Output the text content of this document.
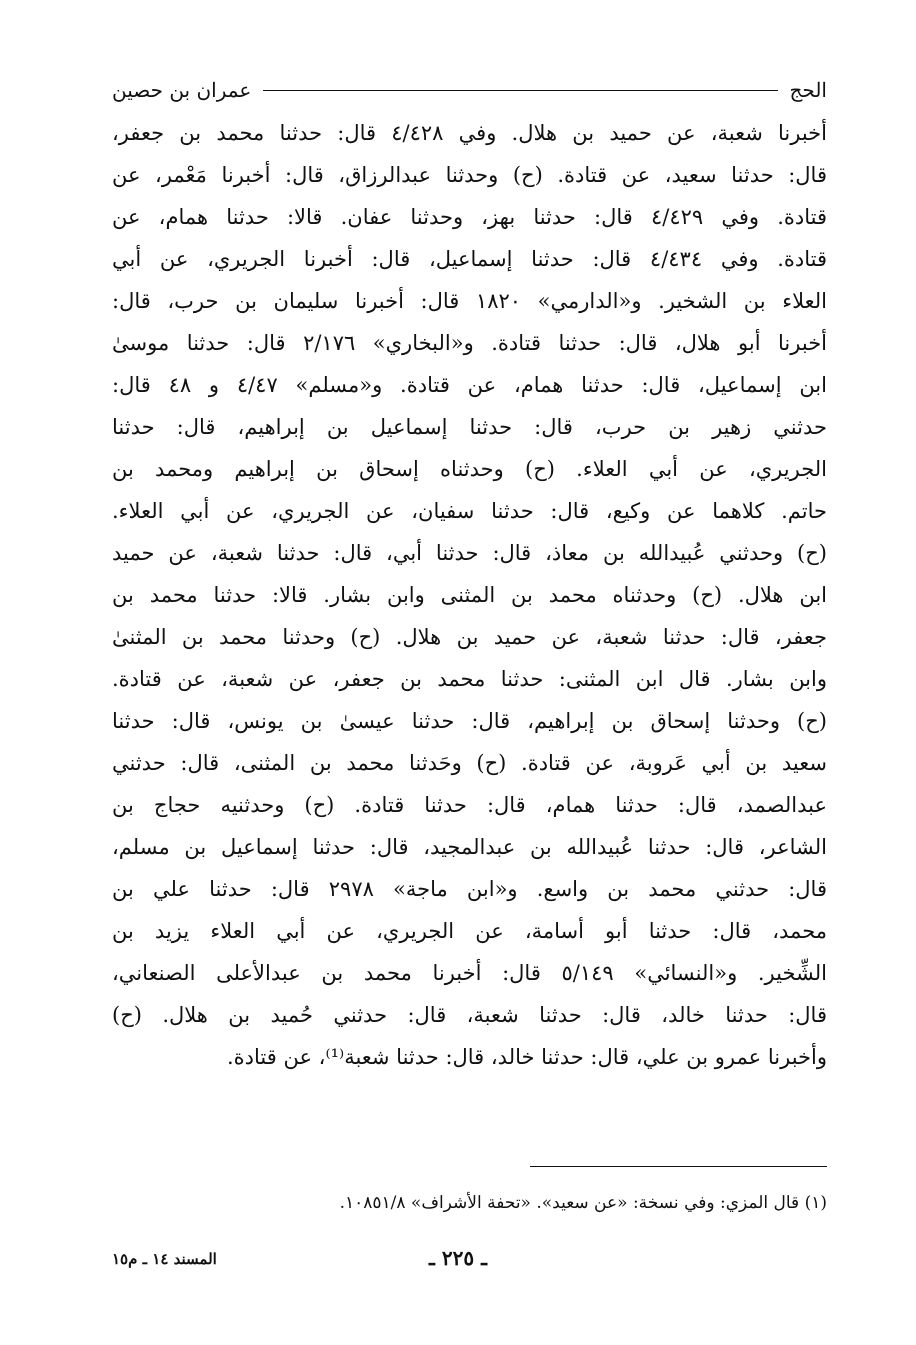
الحج
عمران بن حصين
أخبرنا شعبة، عن حميد بن هلال. وفي ٤/٤٢٨ قال: حدثنا محمد بن جعفر،
قال: حدثنا سعيد، عن قتادة. (ح) وحدثنا عبدالرزاق، قال: أخبرنا مَعْمر، عن
قتادة. وفي ٤/٤٢٩ قال: حدثنا بهز، وحدثنا عفان. قالا: حدثنا همام، عن
قتادة. وفي ٤/٤٣٤ قال: حدثنا إسماعيل، قال: أخبرنا الجريري، عن أبي
العلاء بن الشخير. و«الدارمي» ١٨٢٠ قال: أخبرنا سليمان بن حرب، قال:
أخبرنا أبو هلال، قال: حدثنا قتادة. و«البخاري» ٢/١٧٦ قال: حدثنا موسىٰ
ابن إسماعيل، قال: حدثنا همام، عن قتادة. و«مسلم» ٤/٤٧ و ٤٨ قال:
حدثني زهير بن حرب، قال: حدثنا إسماعيل بن إبراهيم، قال: حدثنا
الجريري، عن أبي العلاء. (ح) وحدثناه إسحاق بن إبراهيم ومحمد بن
حاتم. كلاهما عن وكيع، قال: حدثنا سفيان، عن الجريري، عن أبي العلاء.
(ح) وحدثني عُبيدالله بن معاذ، قال: حدثنا أبي، قال: حدثنا شعبة، عن حميد
ابن هلال. (ح) وحدثناه محمد بن المثنى وابن بشار. قالا: حدثنا محمد بن
جعفر، قال: حدثنا شعبة، عن حميد بن هلال. (ح) وحدثنا محمد بن المثنىٰ
وابن بشار. قال ابن المثنى: حدثنا محمد بن جعفر، عن شعبة، عن قتادة.
(ح) وحدثنا إسحاق بن إبراهيم، قال: حدثنا عيسىٰ بن يونس، قال: حدثنا
سعيد بن أبي عَروبة، عن قتادة. (ح) وحَدثنا محمد بن المثنى، قال: حدثني
عبدالصمد، قال: حدثنا همام، قال: حدثنا قتادة. (ح) وحدثنيه حجاج بن
الشاعر، قال: حدثنا عُبيدالله بن عبدالمجيد، قال: حدثنا إسماعيل بن مسلم،
قال: حدثني محمد بن واسع. و«ابن ماجة» ٢٩٧٨ قال: حدثنا علي بن
محمد، قال: حدثنا أبو أسامة، عن الجريري، عن أبي العلاء يزيد بن
الشِّخير. و«النسائي» ٥/١٤٩ قال: أخبرنا محمد بن عبدالأعلى الصنعاني،
قال: حدثنا خالد، قال: حدثنا شعبة، قال: حدثني حُميد بن هلال. (ح)
وأخبرنا عمرو بن علي، قال: حدثنا خالد، قال: حدثنا شعبة⁽¹⁾، عن قتادة.
(١) قال المزي: وفي نسخة: «عن سعيد». «تحفة الأشراف» ١٠٨٥١/٨.
ـ ٢٢٥ ـ
المسند ١٤ ـ م١٥
